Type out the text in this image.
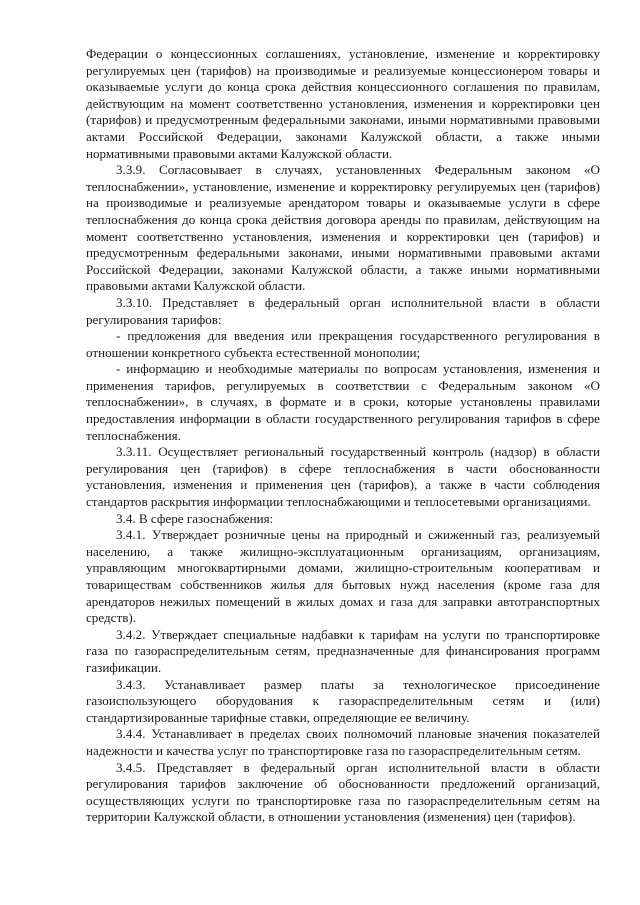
Федерации о концессионных соглашениях, установление, изменение и корректировку регулируемых цен (тарифов) на производимые и реализуемые концессионером товары и оказываемые услуги до конца срока действия концессионного соглашения по правилам, действующим на момент соответственно установления, изменения и корректировки цен (тарифов) и предусмотренным федеральными законами, иными нормативными правовыми актами Российской Федерации, законами Калужской области, а также иными нормативными правовыми актами Калужской области.

3.3.9. Согласовывает в случаях, установленных Федеральным законом «О теплоснабжении», установление, изменение и корректировку регулируемых цен (тарифов) на производимые и реализуемые арендатором товары и оказываемые услуги в сфере теплоснабжения до конца срока действия договора аренды по правилам, действующим на момент соответственно установления, изменения и корректировки цен (тарифов) и предусмотренным федеральными законами, иными нормативными правовыми актами Российской Федерации, законами Калужской области, а также иными нормативными правовыми актами Калужской области.

3.3.10. Представляет в федеральный орган исполнительной власти в области регулирования тарифов:

- предложения для введения или прекращения государственного регулирования в отношении конкретного субъекта естественной монополии;

- информацию и необходимые материалы по вопросам установления, изменения и применения тарифов, регулируемых в соответствии с Федеральным законом «О теплоснабжении», в случаях, в формате и в сроки, которые установлены правилами предоставления информации в области государственного регулирования тарифов в сфере теплоснабжения.

3.3.11. Осуществляет региональный государственный контроль (надзор) в области регулирования цен (тарифов) в сфере теплоснабжения в части обоснованности установления, изменения и применения цен (тарифов), а также в части соблюдения стандартов раскрытия информации теплоснабжающими и теплосетевыми организациями.

3.4. В сфере газоснабжения:

3.4.1. Утверждает розничные цены на природный и сжиженный газ, реализуемый населению, а также жилищно-эксплуатационным организациям, организациям, управляющим многоквартирными домами, жилищно-строительным кооперативам и товариществам собственников жилья для бытовых нужд населения (кроме газа для арендаторов нежилых помещений в жилых домах и газа для заправки автотранспортных средств).

3.4.2. Утверждает специальные надбавки к тарифам на услуги по транспортировке газа по газораспределительным сетям, предназначенные для финансирования программ газификации.

3.4.3. Устанавливает размер платы за технологическое присоединение газоиспользующего оборудования к газораспределительным сетям и (или) стандартизированные тарифные ставки, определяющие ее величину.

3.4.4. Устанавливает в пределах своих полномочий плановые значения показателей надежности и качества услуг по транспортировке газа по газораспределительным сетям.

3.4.5. Представляет в федеральный орган исполнительной власти в области регулирования тарифов заключение об обоснованности предложений организаций, осуществляющих услуги по транспортировке газа по газораспределительным сетям на территории Калужской области, в отношении установления (изменения) цен (тарифов).
